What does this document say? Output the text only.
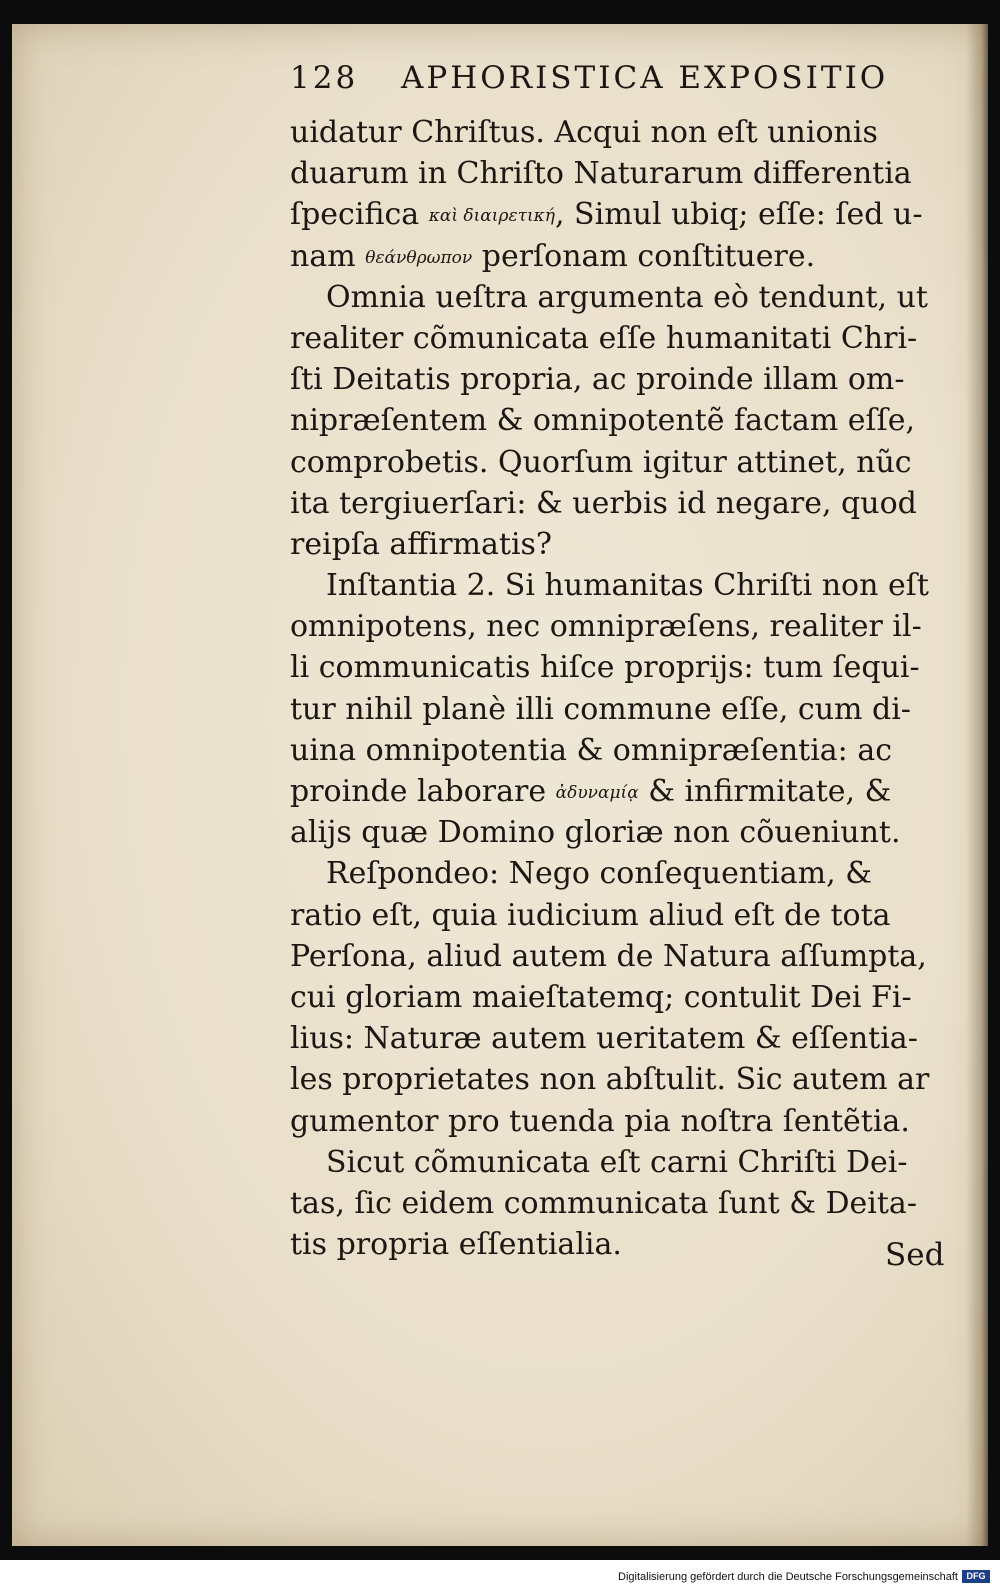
128 APHORISTICA EXPOSITIO
uidatur Chriſtus. Acqui non eſt unionis
duarum in Chriſto Naturarum differentia
ſpecifica καὶ διαιρετική, Simul ubiq; eſſe: ſed u-
nam θεάνθρωπον perſonam conſtituere.
Omnia ueſtra argumenta eò tendunt, ut
realiter cõmunicata eſſe humanitati Chri-
ſti Deitatis propria, ac proinde illam om-
nipræſentem & omnipotentẽ factam eſſe,
comprobetis. Quorſum igitur attinet, nũc
ita tergiuerſari: & uerbis id negare, quod
reipſa affirmatis?
Inſtantia 2. Si humanitas Chriſti non eſt
omnipotens, nec omnipræſens, realiter il-
li communicatis hiſce proprijs: tum ſequi-
tur nihil planè illi commune eſſe, cum di-
uina omnipotentia & omnipræſentia: ac
proinde laborare ἀδυναμίᾳ & infirmitate, &
alijs quæ Domino gloriæ non cõueniunt.
Reſpondeo: Nego conſequentiam, &
ratio eſt, quia iudicium aliud eſt de tota
Perſona, aliud autem de Natura aſſumpta,
cui gloriam maieſtatemq; contulit Dei Fi-
lius: Naturæ autem ueritatem & eſſentia-
les proprietates non abſtulit. Sic autem ar
gumentor pro tuenda pia noſtra ſentẽtia.
Sicut cõmunicata eſt carni Chriſti Dei-
tas, ſic eidem communicata ſunt & Deita-
tis propria eſſentialia.	Sed
Digitalisierung gefördert durch die Deutsche Forschungsgemeinschaft DFG
